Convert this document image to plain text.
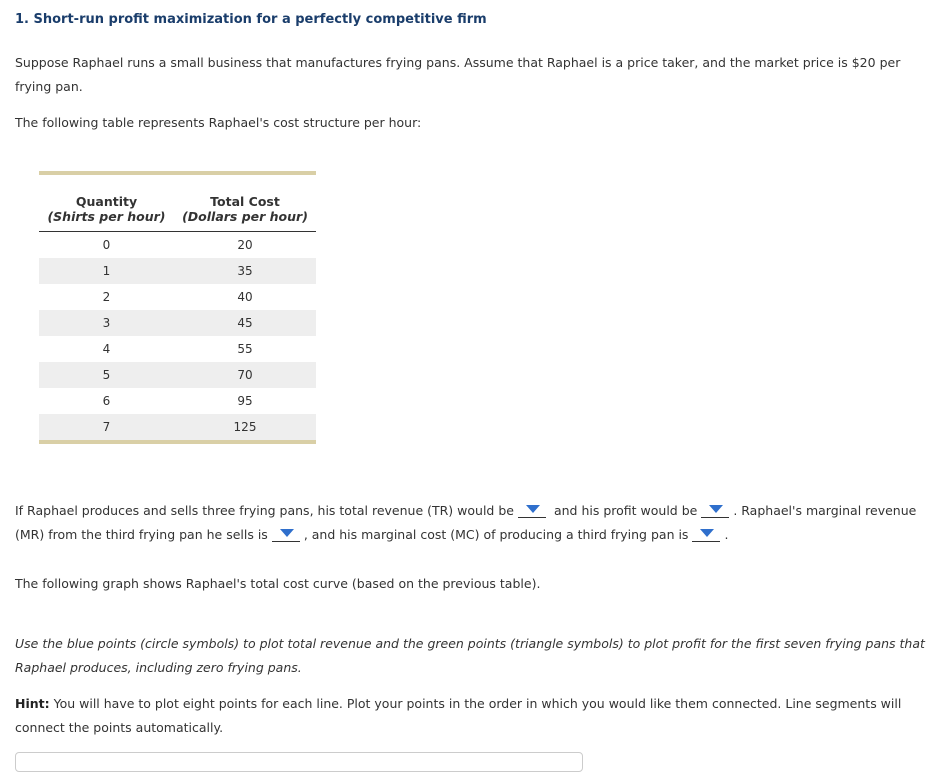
1. Short-run profit maximization for a perfectly competitive firm

Suppose Raphael runs a small business that manufactures frying pans. Assume that Raphael is a price taker, and the market price is $20 per frying pan.

The following table represents Raphael's cost structure per hour:

Quantity	Total Cost
(Shirts per hour)	(Dollars per hour)
0	20
1	35
2	40
3	45
4	55
5	70
6	95
7	125

If Raphael produces and sells three frying pans, his total revenue (TR) would be	and his profit would be	. Raphael's marginal revenue (MR) from the third frying pan he sells is	, and his marginal cost (MC) of producing a third frying pan is	.

The following graph shows Raphael's total cost curve (based on the previous table).

Use the blue points (circle symbols) to plot total revenue and the green points (triangle symbols) to plot profit for the first seven frying pans that Raphael produces, including zero frying pans.

Hint: You will have to plot eight points for each line. Plot your points in the order in which you would like them connected. Line segments will connect the points automatically.
